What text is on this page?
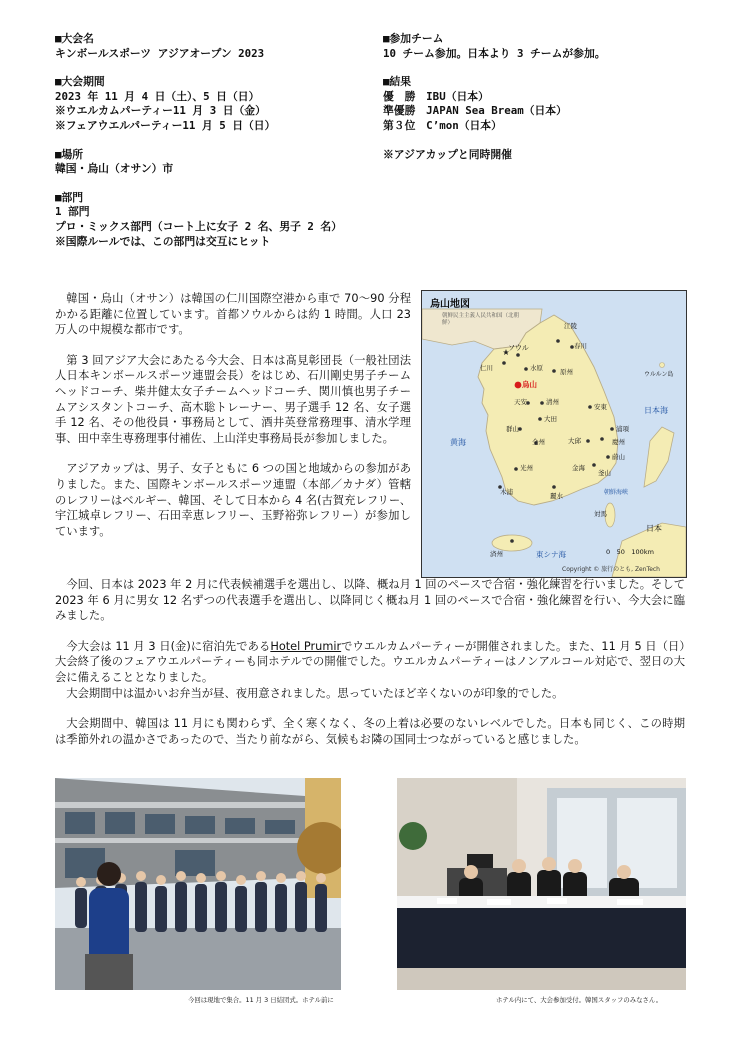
■大会名
キンボールスポーツ アジアオープン 2023
■大会期間
2023 年 11 月 4 日（土）、5 日（日）
※ウエルカムパーティー11 月 3 日（金）
※フェアウエルパーティー11 月 5 日（日）
■場所
韓国・烏山（オサン）市
■部門
1 部門
プロ・ミックス部門（コート上に女子 2 名、男子 2 名）
※国際ルールでは、この部門は交互にヒット
■参加チーム
10 チーム参加。日本より 3 チームが参加。
■結果
優　勝　IBU（日本）
準優勝　JAPAN Sea Bream（日本）
第３位　C’mon（日本）
※アジアカップと同時開催

韓国・烏山（オサン）は韓国の仁川国際空港から車で 70～90 分程かかる距離に位置しています。首都ソウルからは約 1 時間。人口 23 万人の中規模な都市です。

第 3 回アジア大会にあたる今大会、日本は髙見彰団長（一般社団法人日本キンボールスポーツ連盟会長）をはじめ、石川剛史男子チームヘッドコーチ、柴井健太女子チームヘッドコーチ、関川慎也男子チームアシスタントコーチ、高木聡トレーナー、男子選手 12 名、女子選手 12 名、その他役員・事務局として、酒井英登常務理事、清水学理事、田中幸生専務理事付補佐、上山洋史事務局長が参加しました。

アジアカップは、男子、女子ともに 6 つの国と地域からの参加がありました。また、国際キンボールスポーツ連盟（本部／カナダ）管轄のレフリーはベルギー、韓国、そして日本から 4 名(古賀充レフリー、宇江城卓レフリー、石田幸恵レフリー、玉野裕弥レフリー）が参加しています。

今回、日本は 2023 年 2 月に代表候補選手を選出し、以降、概ね月 1 回のペースで合宿・強化練習を行いました。そして 2023 年 6 月に男女 12 名ずつの代表選手を選出し、以降同じく概ね月 1 回のペースで合宿・強化練習を行い、今大会に臨みました。

今大会は 11 月 3 日(金)に宿泊先であるHotel Prumirでウエルカムパーティーが開催されました。また、11 月 5 日（日）大会終了後のフェアウエルパーティーも同ホテルでの開催でした。ウエルカムパーティーはノンアルコール対応で、翌日の大会に備えることとなりました。

大会期間中は温かいお弁当が昼、夜用意されました。思っていたほど辛くないのが印象的でした。

大会期間中、韓国は 11 月にも関わらず、全く寒くなく、冬の上着は必要のないレベルでした。日本も同じく、この時期は季節外れの温かさであったので、当たり前ながら、気候もお隣の国同士つながっていると感じました。

烏山地図
朝鮮民主主義人民共和国（北朝鮮）
ソウル
仁川	水原
烏山
江陵
春川
原州
天安	清州
大田
安東
浦項
慶州
大邱
蔚山
釜山
金海
全州
群山
光州
木浦	麗水
済州
黄海
日本海
東シナ海
ウルルン島
対馬
日本
朝鮮海峡
0　50　100km
Copyright © 旅行のとも, ZenTech
今回は現地で集合。11 月 3 日結団式。ホテル前に	ホテル内にて、大会参加受付。韓国スタッフのみなさん。
